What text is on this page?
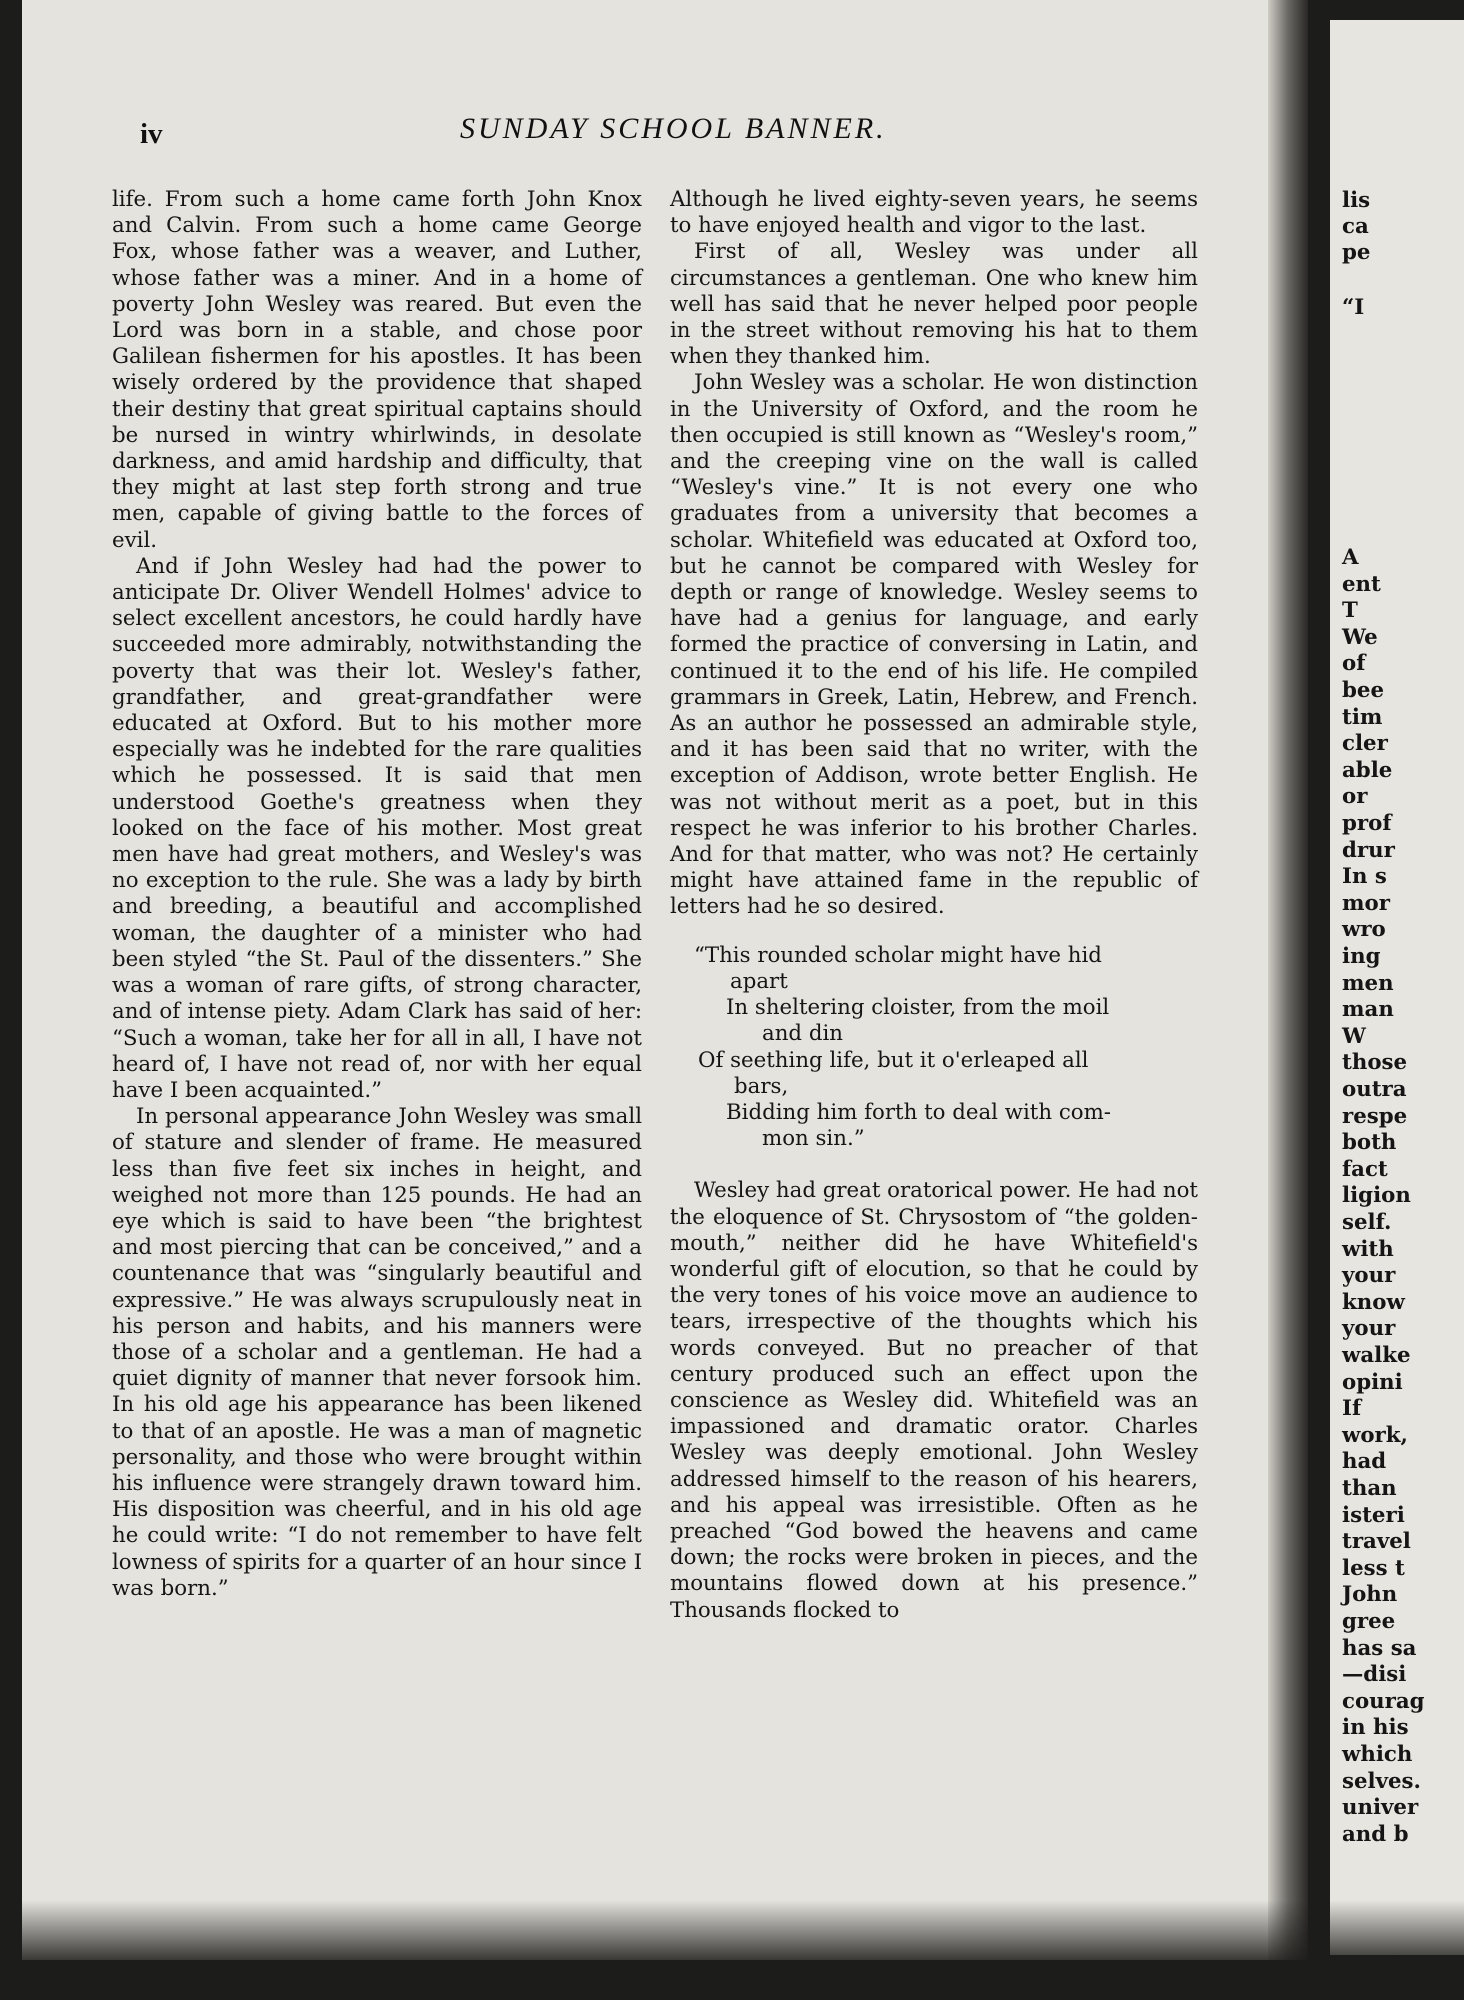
lis
ca
pe
“I
A
ent
T
We
of
bee
tim
cler
able
or
prof
drur
In s
mor
wro
ing
men
man
W
those
outra
respe
both
fact
ligion
self.
with
your
know
your
walke
opini
If
work,
had
than
isteri
travel
less t
John
gree
has sa
—disi
courag
in his
which
selves.
univer
and b
iv	SUNDAY SCHOOL BANNER.

life. From such a home came forth John Knox and Calvin. From such a home came George Fox, whose father was a weaver, and Luther, whose father was a miner. And in a home of poverty John Wesley was reared. But even the Lord was born in a stable, and chose poor Galilean fishermen for his apostles. It has been wisely ordered by the providence that shaped their destiny that great spiritual captains should be nursed in wintry whirlwinds, in desolate darkness, and amid hardship and difficulty, that they might at last step forth strong and true men, capable of giving battle to the forces of evil.

And if John Wesley had had the power to anticipate Dr. Oliver Wendell Holmes' advice to select excellent ancestors, he could hardly have succeeded more admirably, notwithstanding the poverty that was their lot. Wesley's father, grandfather, and great-grandfather were educated at Oxford. But to his mother more especially was he indebted for the rare qualities which he possessed. It is said that men understood Goethe's greatness when they looked on the face of his mother. Most great men have had great mothers, and Wesley's was no exception to the rule. She was a lady by birth and breeding, a beautiful and accomplished woman, the daughter of a minister who had been styled “the St. Paul of the dissenters.” She was a woman of rare gifts, of strong character, and of intense piety. Adam Clark has said of her: “Such a woman, take her for all in all, I have not heard of, I have not read of, nor with her equal have I been acquainted.”

In personal appearance John Wesley was small of stature and slender of frame. He measured less than five feet six inches in height, and weighed not more than 125 pounds. He had an eye which is said to have been “the brightest and most piercing that can be conceived,” and a countenance that was “singularly beautiful and expressive.” He was always scrupulously neat in his person and habits, and his manners were those of a scholar and a gentleman. He had a quiet dignity of manner that never forsook him. In his old age his appearance has been likened to that of an apostle. He was a man of magnetic personality, and those who were brought within his influence were strangely drawn toward him. His disposition was cheerful, and in his old age he could write: “I do not remember to have felt lowness of spirits for a quarter of an hour since I was born.”

Although he lived eighty-seven years, he seems to have enjoyed health and vigor to the last.

First of all, Wesley was under all circumstances a gentleman. One who knew him well has said that he never helped poor people in the street without removing his hat to them when they thanked him.

John Wesley was a scholar. He won distinction in the University of Oxford, and the room he then occupied is still known as “Wesley's room,” and the creeping vine on the wall is called “Wesley's vine.” It is not every one who graduates from a university that becomes a scholar. Whitefield was educated at Oxford too, but he cannot be compared with Wesley for depth or range of knowledge. Wesley seems to have had a genius for language, and early formed the practice of conversing in Latin, and continued it to the end of his life. He compiled grammars in Greek, Latin, Hebrew, and French. As an author he possessed an admirable style, and it has been said that no writer, with the exception of Addison, wrote better English. He was not without merit as a poet, but in this respect he was inferior to his brother Charles. And for that matter, who was not? He certainly might have attained fame in the republic of letters had he so desired.

“This rounded scholar might have hid
apart
In sheltering cloister, from the moil
and din
Of seething life, but it o'erleaped all
bars,
Bidding him forth to deal with com-
mon sin.”

Wesley had great oratorical power. He had not the eloquence of St. Chrysostom of “the golden-mouth,” neither did he have Whitefield's wonderful gift of elocution, so that he could by the very tones of his voice move an audience to tears, irrespective of the thoughts which his words conveyed. But no preacher of that century produced such an effect upon the conscience as Wesley did. Whitefield was an impassioned and dramatic orator. Charles Wesley was deeply emotional. John Wesley addressed himself to the reason of his hearers, and his appeal was irresistible. Often as he preached “God bowed the heavens and came down; the rocks were broken in pieces, and the mountains flowed down at his presence.” Thousands flocked to
